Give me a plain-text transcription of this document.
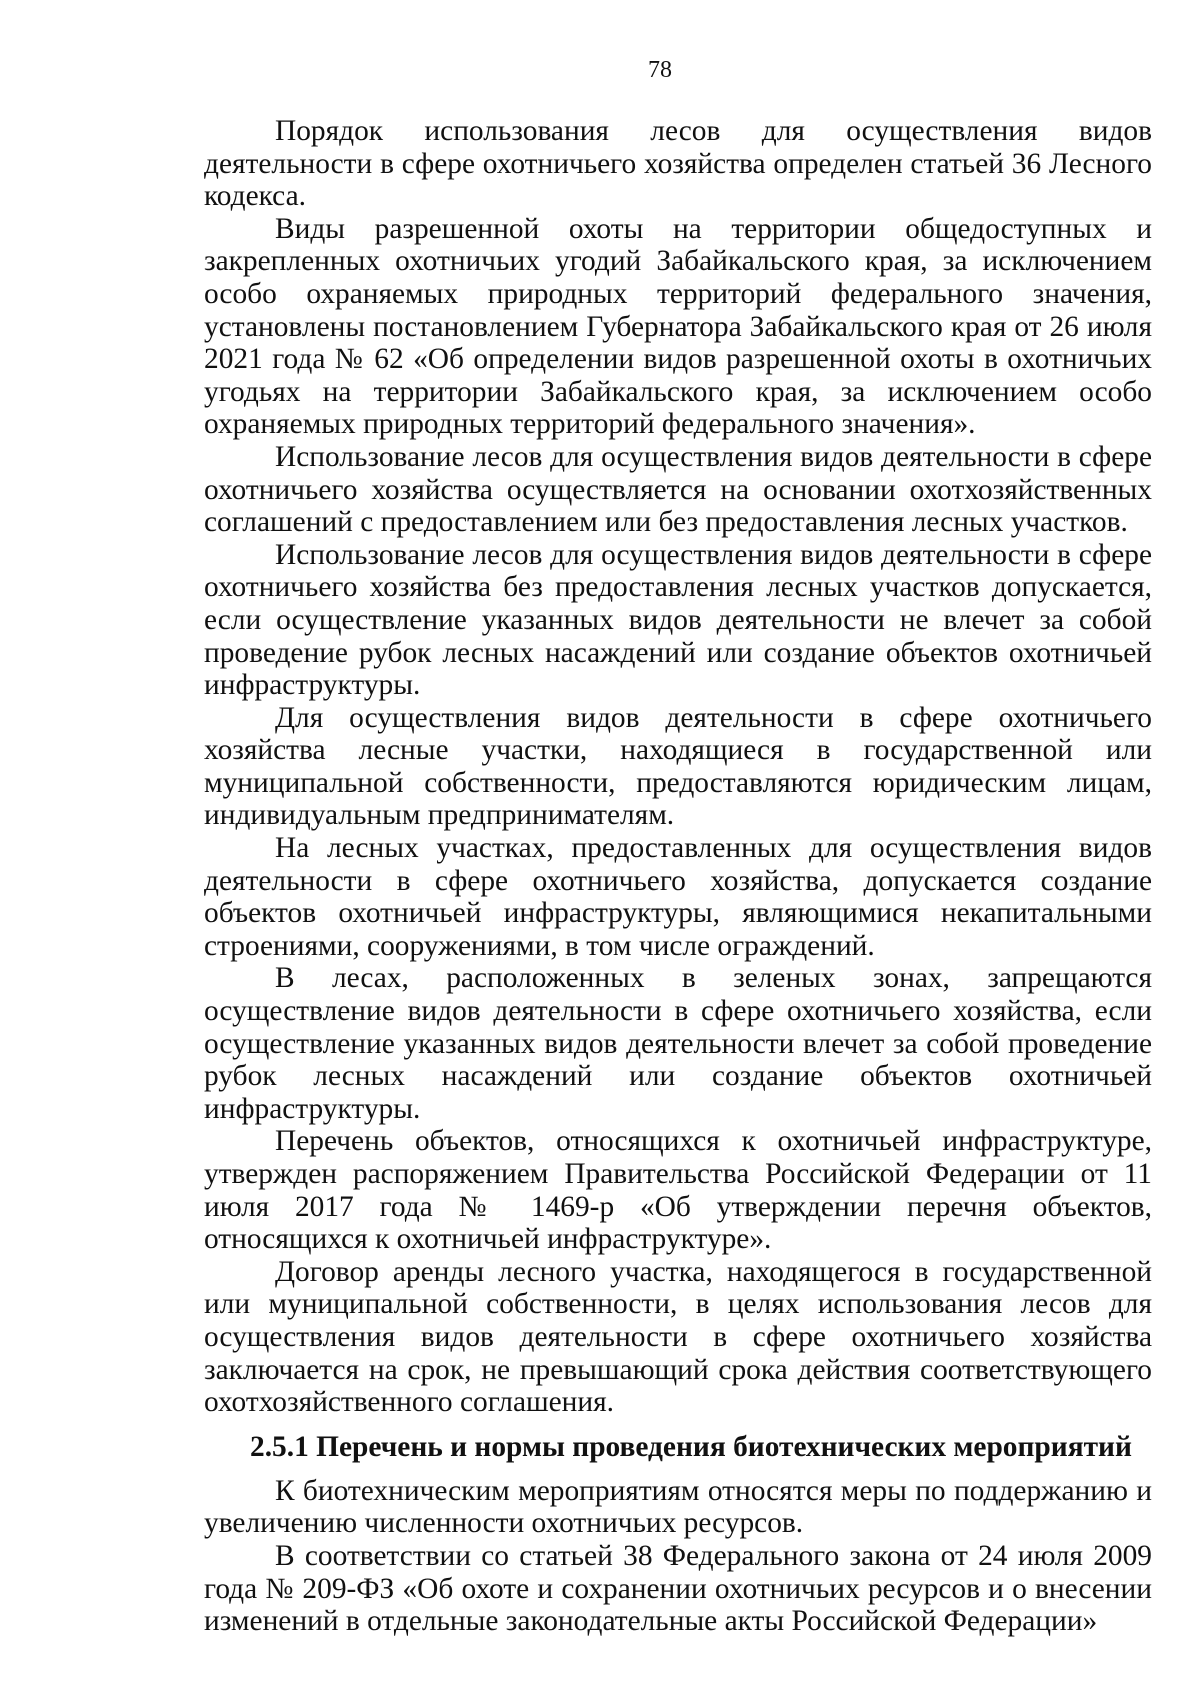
78

Порядок использования лесов для осуществления видов деятельности в сфере охотничьего хозяйства определен статьей 36 Лесного кодекса.

Виды разрешенной охоты на территории общедоступных и закрепленных охотничьих угодий Забайкальского края, за исключением особо охраняемых природных территорий федерального значения, установлены постановлением Губернатора Забайкальского края от 26 июля 2021 года № 62 «Об определении видов разрешенной охоты в охотничьих угодьях на территории Забайкальского края, за исключением особо охраняемых природных территорий федерального значения».

Использование лесов для осуществления видов деятельности в сфере охотничьего хозяйства осуществляется на основании охотхозяйственных соглашений с предоставлением или без предоставления лесных участков.

Использование лесов для осуществления видов деятельности в сфере охотничьего хозяйства без предоставления лесных участков допускается, если осуществление указанных видов деятельности не влечет за собой проведение рубок лесных насаждений или создание объектов охотничьей инфраструктуры.

Для осуществления видов деятельности в сфере охотничьего хозяйства лесные участки, находящиеся в государственной или муниципальной собственности, предоставляются юридическим лицам, индивидуальным предпринимателям.

На лесных участках, предоставленных для осуществления видов деятельности в сфере охотничьего хозяйства, допускается создание объектов охотничьей инфраструктуры, являющимися некапитальными строениями, сооружениями, в том числе ограждений.

В лесах, расположенных в зеленых зонах, запрещаются осуществление видов деятельности в сфере охотничьего хозяйства, если осуществление указанных видов деятельности влечет за собой проведение рубок лесных насаждений или создание объектов охотничьей инфраструктуры.

Перечень объектов, относящихся к охотничьей инфраструктуре, утвержден распоряжением Правительства Российской Федерации от 11 июля 2017 года № 1469-р «Об утверждении перечня объектов, относящихся к охотничьей инфраструктуре».

Договор аренды лесного участка, находящегося в государственной или муниципальной собственности, в целях использования лесов для осуществления видов деятельности в сфере охотничьего хозяйства заключается на срок, не превышающий срока действия соответствующего охотхозяйственного соглашения.

2.5.1 Перечень и нормы проведения биотехнических мероприятий

К биотехническим мероприятиям относятся меры по поддержанию и увеличению численности охотничьих ресурсов.

В соответствии со статьей 38 Федерального закона от 24 июля 2009 года № 209-ФЗ «Об охоте и сохранении охотничьих ресурсов и о внесении изменений в отдельные законодательные акты Российской Федерации»
